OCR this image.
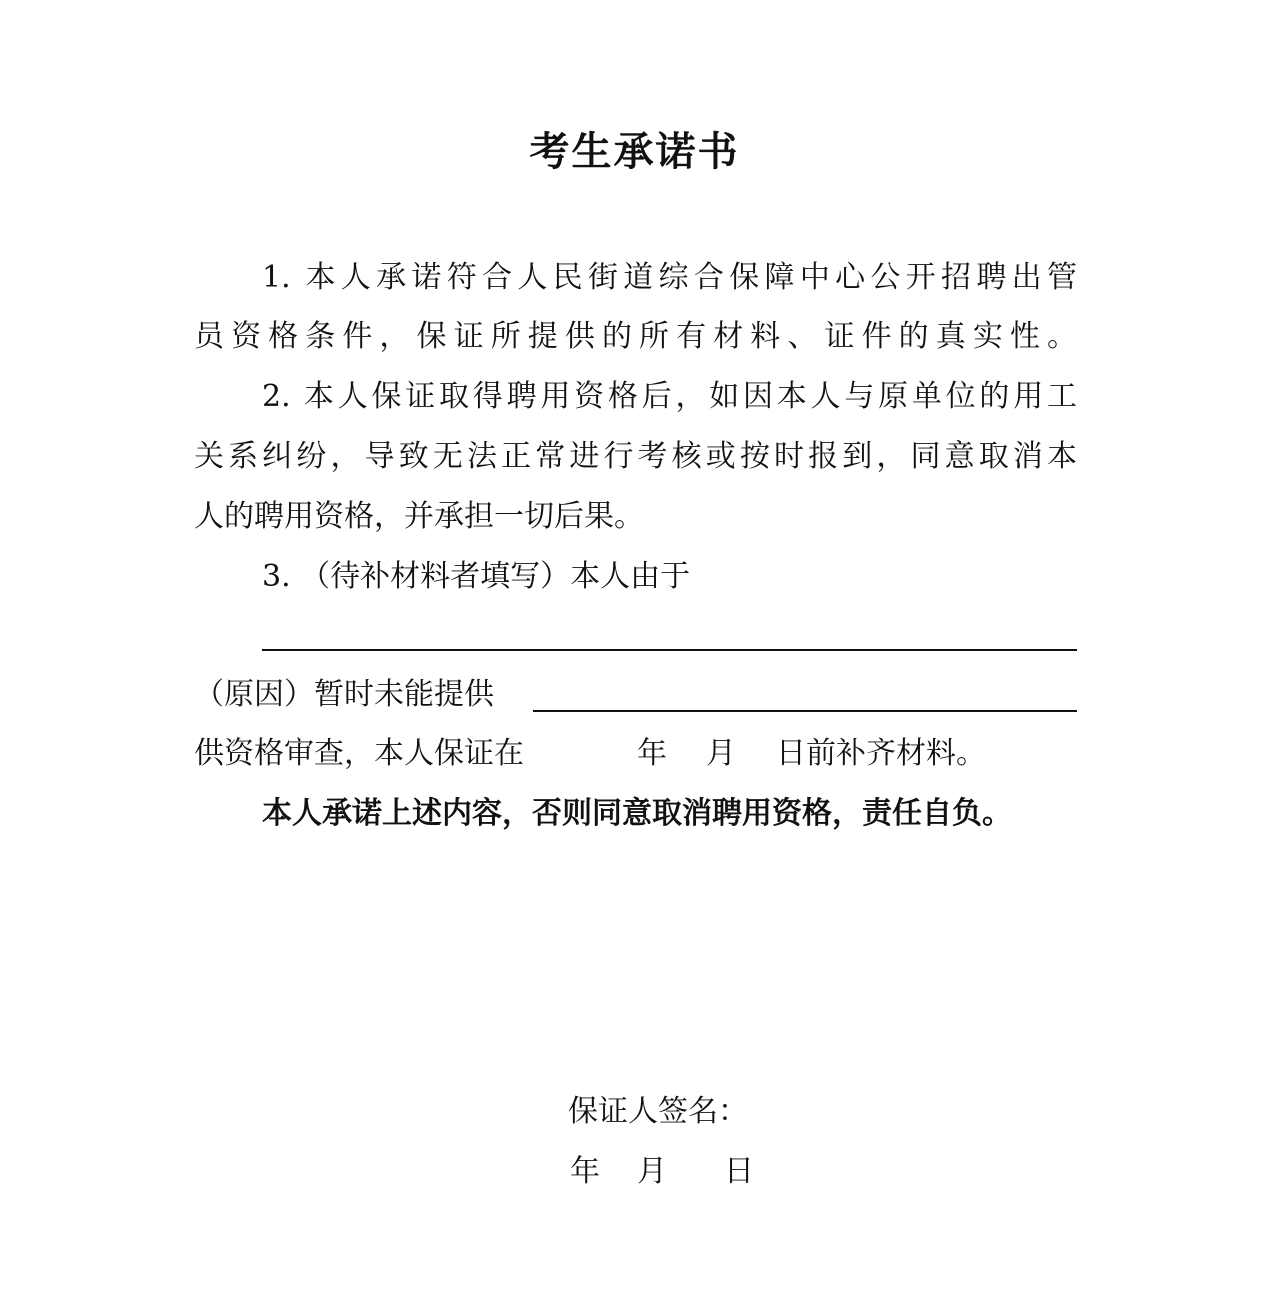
考生承诺书
1. 本人承诺符合人民街道综合保障中心公开招聘出管
员资格条件，保证所提供的所有材料、证件的真实性。
2. 本人保证取得聘用资格后，如因本人与原单位的用工
关系纠纷，导致无法正常进行考核或按时报到，同意取消本
人的聘用资格，并承担一切后果。
3. （待补材料者填写）本人由于
（原因）暂时未能提供
供资格审查，本人保证在	年 月 日前补齐材料。
本人承诺上述内容，否则同意取消聘用资格，责任自负。
保证人签名：
年 月 日
